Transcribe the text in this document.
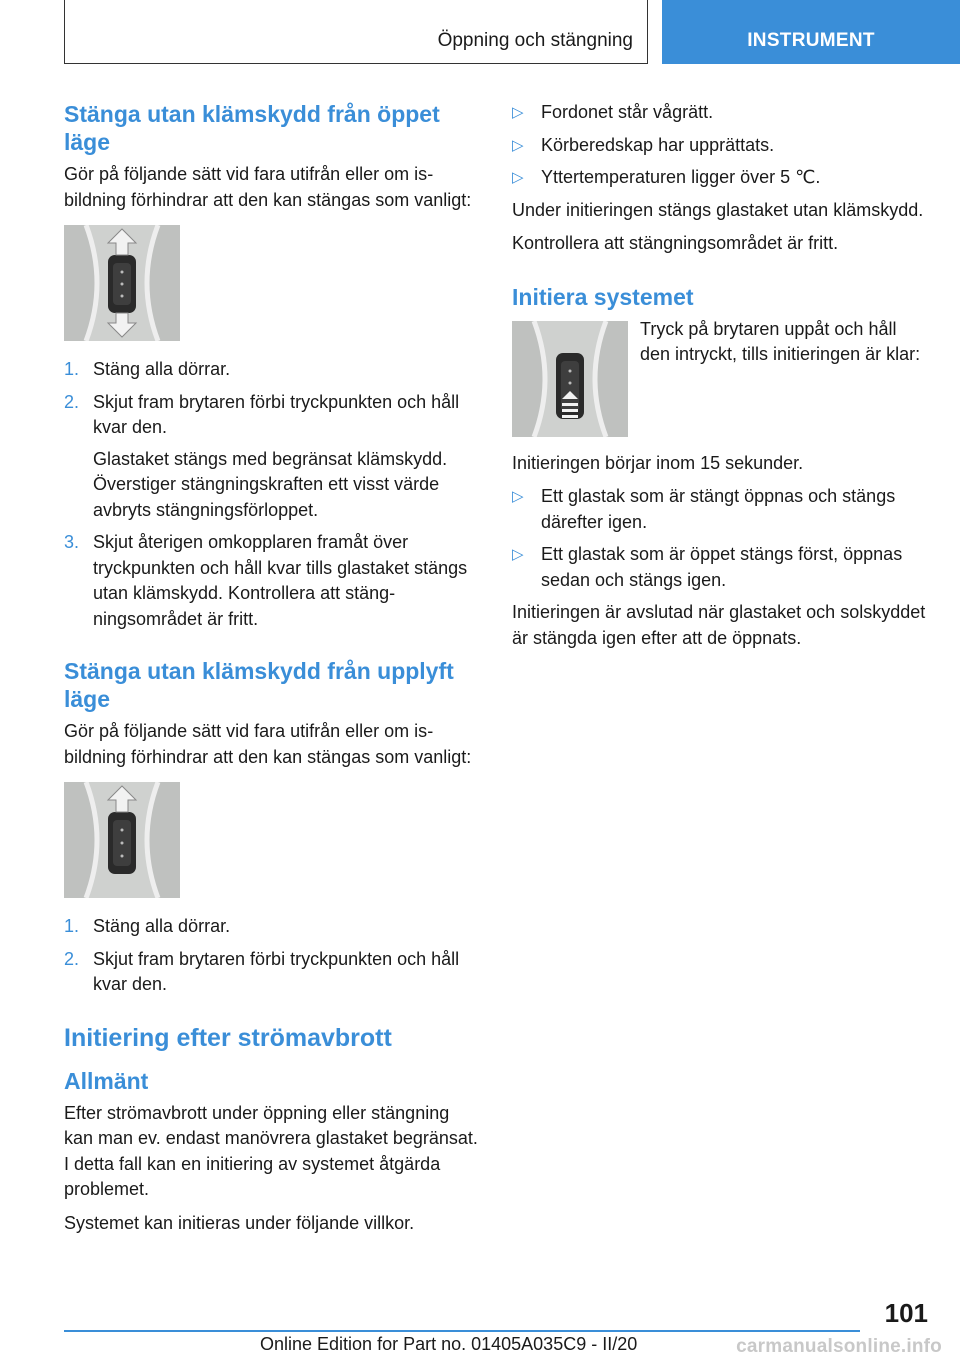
Öppning och stängning	INSTRUMENT
Stänga utan klämskydd från öppet läge

Gör på följande sätt vid fara utifrån eller om isbildning förhindrar att den kan stängas som vanligt:

1. Stäng alla dörrar.
2. Skjut fram brytaren förbi tryckpunkten och håll kvar den.
Glastaket stängs med begränsat klämskydd. Överstiger stängningskraften ett visst värde avbryts stängningsförloppet.
3. Skjut återigen omkopplaren framåt över tryckpunkten och håll kvar tills glastaket stängs utan klämskydd. Kontrollera att stängningsområdet är fritt.
Stänga utan klämskydd från upplyft läge

Gör på följande sätt vid fara utifrån eller om isbildning förhindrar att den kan stängas som vanligt:

1. Stäng alla dörrar.
2. Skjut fram brytaren förbi tryckpunkten och håll kvar den.
Initiering efter strömavbrott
Allmänt

Efter strömavbrott under öppning eller stängning kan man ev. endast manövrera glastaket begränsat. I detta fall kan en initiering av systemet åtgärda problemet.

Systemet kan initieras under följande villkor.

▷ Fordonet står vågrätt.
▷ Körberedskap har upprättats.
▷ Yttertemperaturen ligger över 5 ℃.

Under initieringen stängs glastaket utan klämskydd.

Kontrollera att stängningsområdet är fritt.

Initiera systemet

Tryck på brytaren uppåt och håll den intryckt, tills initieringen är klar:

Initieringen börjar inom 15 sekunder.

▷ Ett glastak som är stängt öppnas och stängs därefter igen.
▷ Ett glastak som är öppet stängs först, öppnas sedan och stängs igen.

Initieringen är avslutad när glastaket och solskyddet är stängda igen efter att de öppnats.

101
Online Edition for Part no. 01405A035C9 - II/20	carmanualsonline.info
